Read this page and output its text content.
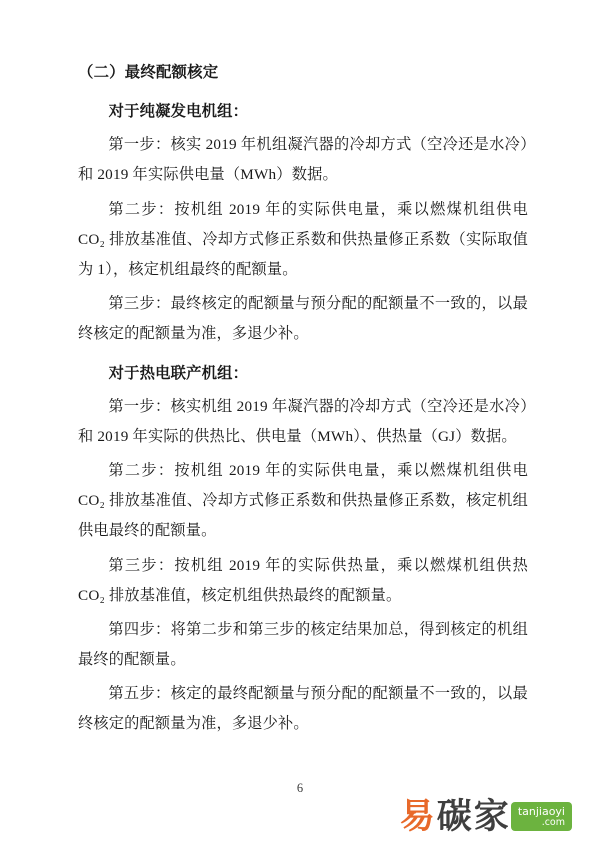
（二）最终配额核定

对于纯凝发电机组：

第一步：核实 2019 年机组凝汽器的冷却方式（空冷还是水冷）和 2019 年实际供电量（MWh）数据。

第二步：按机组 2019 年的实际供电量，乘以燃煤机组供电 CO₂ 排放基准值、冷却方式修正系数和供热量修正系数（实际取值为 1），核定机组最终的配额量。

第三步：最终核定的配额量与预分配的配额量不一致的，以最终核定的配额量为准，多退少补。

对于热电联产机组：

第一步：核实机组 2019 年凝汽器的冷却方式（空冷还是水冷）和 2019 年实际的供热比、供电量（MWh）、供热量（GJ）数据。

第二步：按机组 2019 年的实际供电量，乘以燃煤机组供电 CO₂ 排放基准值、冷却方式修正系数和供热量修正系数，核定机组供电最终的配额量。

第三步：按机组 2019 年的实际供热量，乘以燃煤机组供热 CO₂ 排放基准值，核定机组供热最终的配额量。

第四步：将第二步和第三步的核定结果加总，得到核定的机组最终的配额量。

第五步：核定的最终配额量与预分配的配额量不一致的，以最终核定的配额量为准，多退少补。

6
易 碳 家 tanjiaoyi
.com
